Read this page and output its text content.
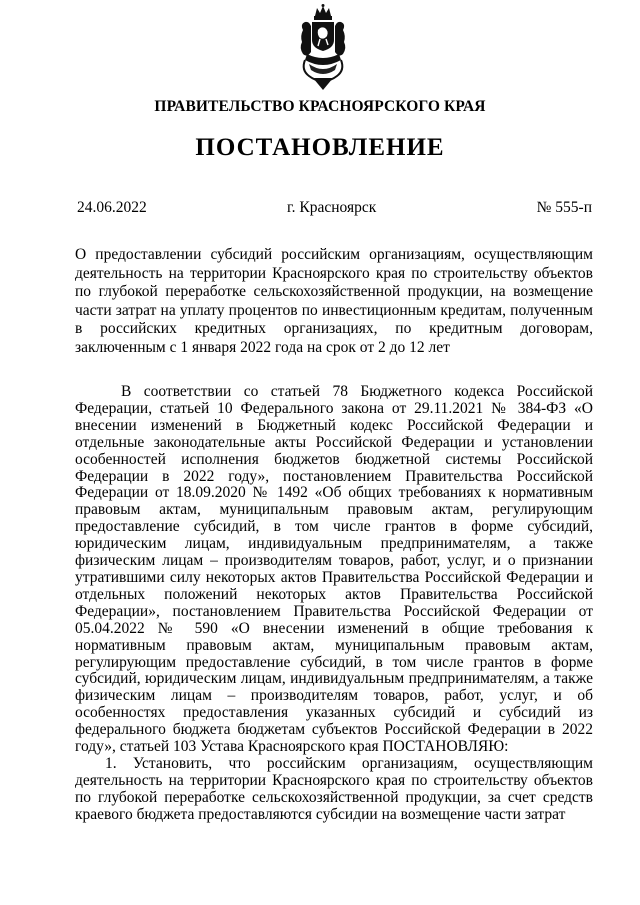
ПРАВИТЕЛЬСТВО КРАСНОЯРСКОГО КРАЯ
ПОСТАНОВЛЕНИЕ
24.06.2022	г. Красноярск	№ 555-п
О предоставлении субсидий российским организациям, осуществляющим деятельность на территории Красноярского края по строительству объектов по глубокой переработке сельскохозяйственной продукции, на возмещение части затрат на уплату процентов по инвестиционным кредитам, полученным в российских кредитных организациях, по кредитным договорам, заключенным с 1 января 2022 года на срок от 2 до 12 лет

В соответствии со статьей 78 Бюджетного кодекса Российской Федерации, статьей 10 Федерального закона от 29.11.2021 № 384-ФЗ «О внесении изменений в Бюджетный кодекс Российской Федерации и отдельные законодательные акты Российской Федерации и установлении особенностей исполнения бюджетов бюджетной системы Российской Федерации в 2022 году», постановлением Правительства Российской Федерации от 18.09.2020 № 1492 «Об общих требованиях к нормативным правовым актам, муниципальным правовым актам, регулирующим предоставление субсидий, в том числе грантов в форме субсидий, юридическим лицам, индивидуальным предпринимателям, а также физическим лицам – производителям товаров, работ, услуг, и о признании утратившими силу некоторых актов Правительства Российской Федерации и отдельных положений некоторых актов Правительства Российской Федерации», постановлением Правительства Российской Федерации от 05.04.2022 № 590 «О внесении изменений в общие требования к нормативным правовым актам, муниципальным правовым актам, регулирующим предоставление субсидий, в том числе грантов в форме субсидий, юридическим лицам, индивидуальным предпринимателям, а также физическим лицам – производителям товаров, работ, услуг, и об особенностях предоставления указанных субсидий и субсидий из федерального бюджета бюджетам субъектов Российской Федерации в 2022 году», статьей 103 Устава Красноярского края ПОСТАНОВЛЯЮ:

1. Установить, что российским организациям, осуществляющим деятельность на территории Красноярского края по строительству объектов по глубокой переработке сельскохозяйственной продукции, за счет средств краевого бюджета предоставляются субсидии на возмещение части затрат
